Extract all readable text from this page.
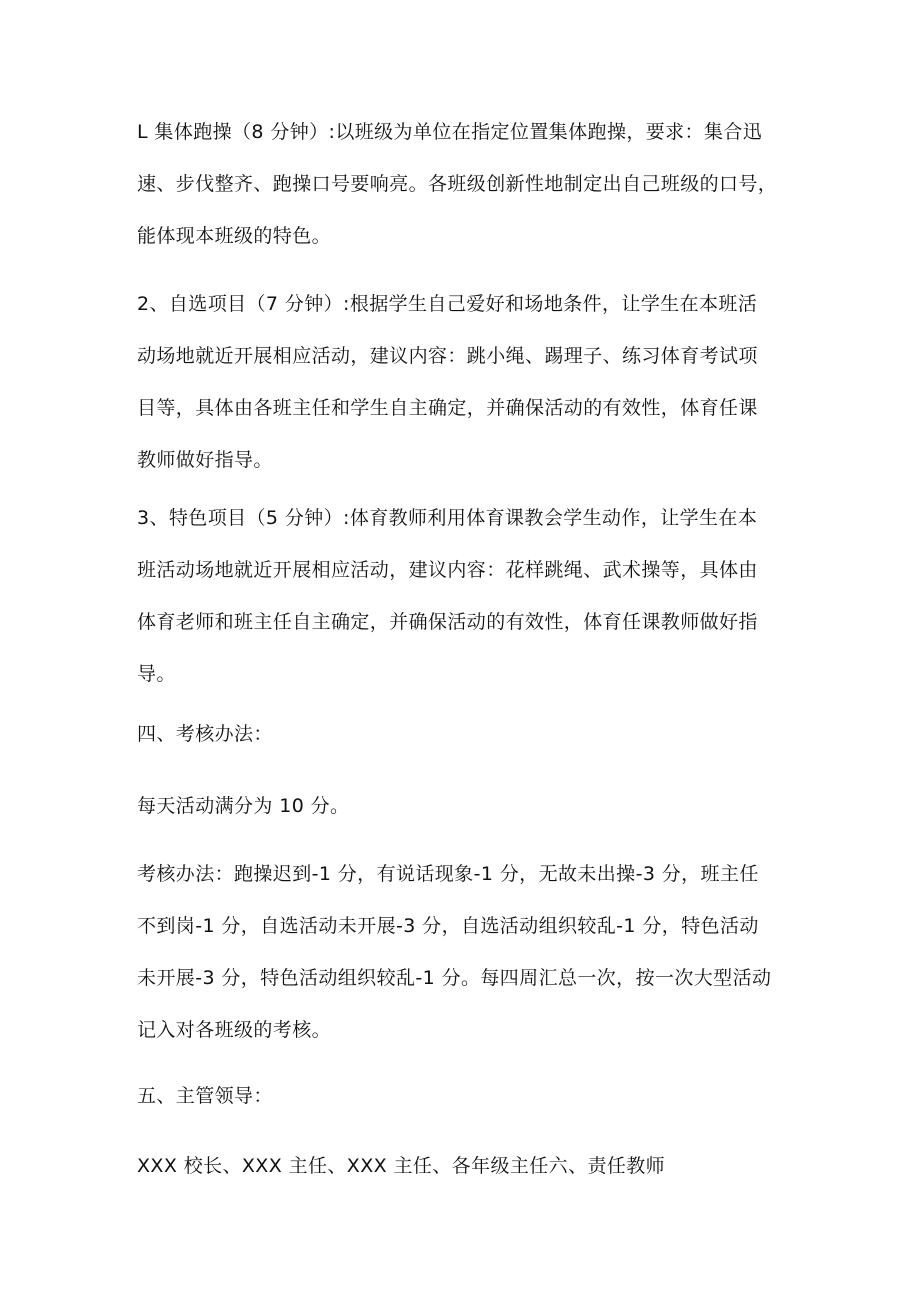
L 集体跑操（8 分钟）:以班级为单位在指定位置集体跑操，要求：集合迅
速、步伐整齐、跑操口号要响亮。各班级创新性地制定出自己班级的口号，
能体现本班级的特色。
2、自选项目（7 分钟）:根据学生自己爱好和场地条件，让学生在本班活
动场地就近开展相应活动，建议内容：跳小绳、踢理子、练习体育考试项
目等，具体由各班主任和学生自主确定，并确保活动的有效性，体育任课
教师做好指导。
3、特色项目（5 分钟）:体育教师利用体育课教会学生动作，让学生在本
班活动场地就近开展相应活动，建议内容：花样跳绳、武术操等，具体由
体育老师和班主任自主确定，并确保活动的有效性，体育任课教师做好指
导。
四、考核办法：
每天活动满分为 10 分。
考核办法：跑操迟到-1 分，有说话现象-1 分，无故未出操-3 分，班主任
不到岗-1 分，自选活动未开展-3 分，自选活动组织较乱-1 分，特色活动
未开展-3 分，特色活动组织较乱-1 分。每四周汇总一次，按一次大型活动
记入对各班级的考核。
五、主管领导：
XXX 校长、XXX 主任、XXX 主任、各年级主任六、责任教师
